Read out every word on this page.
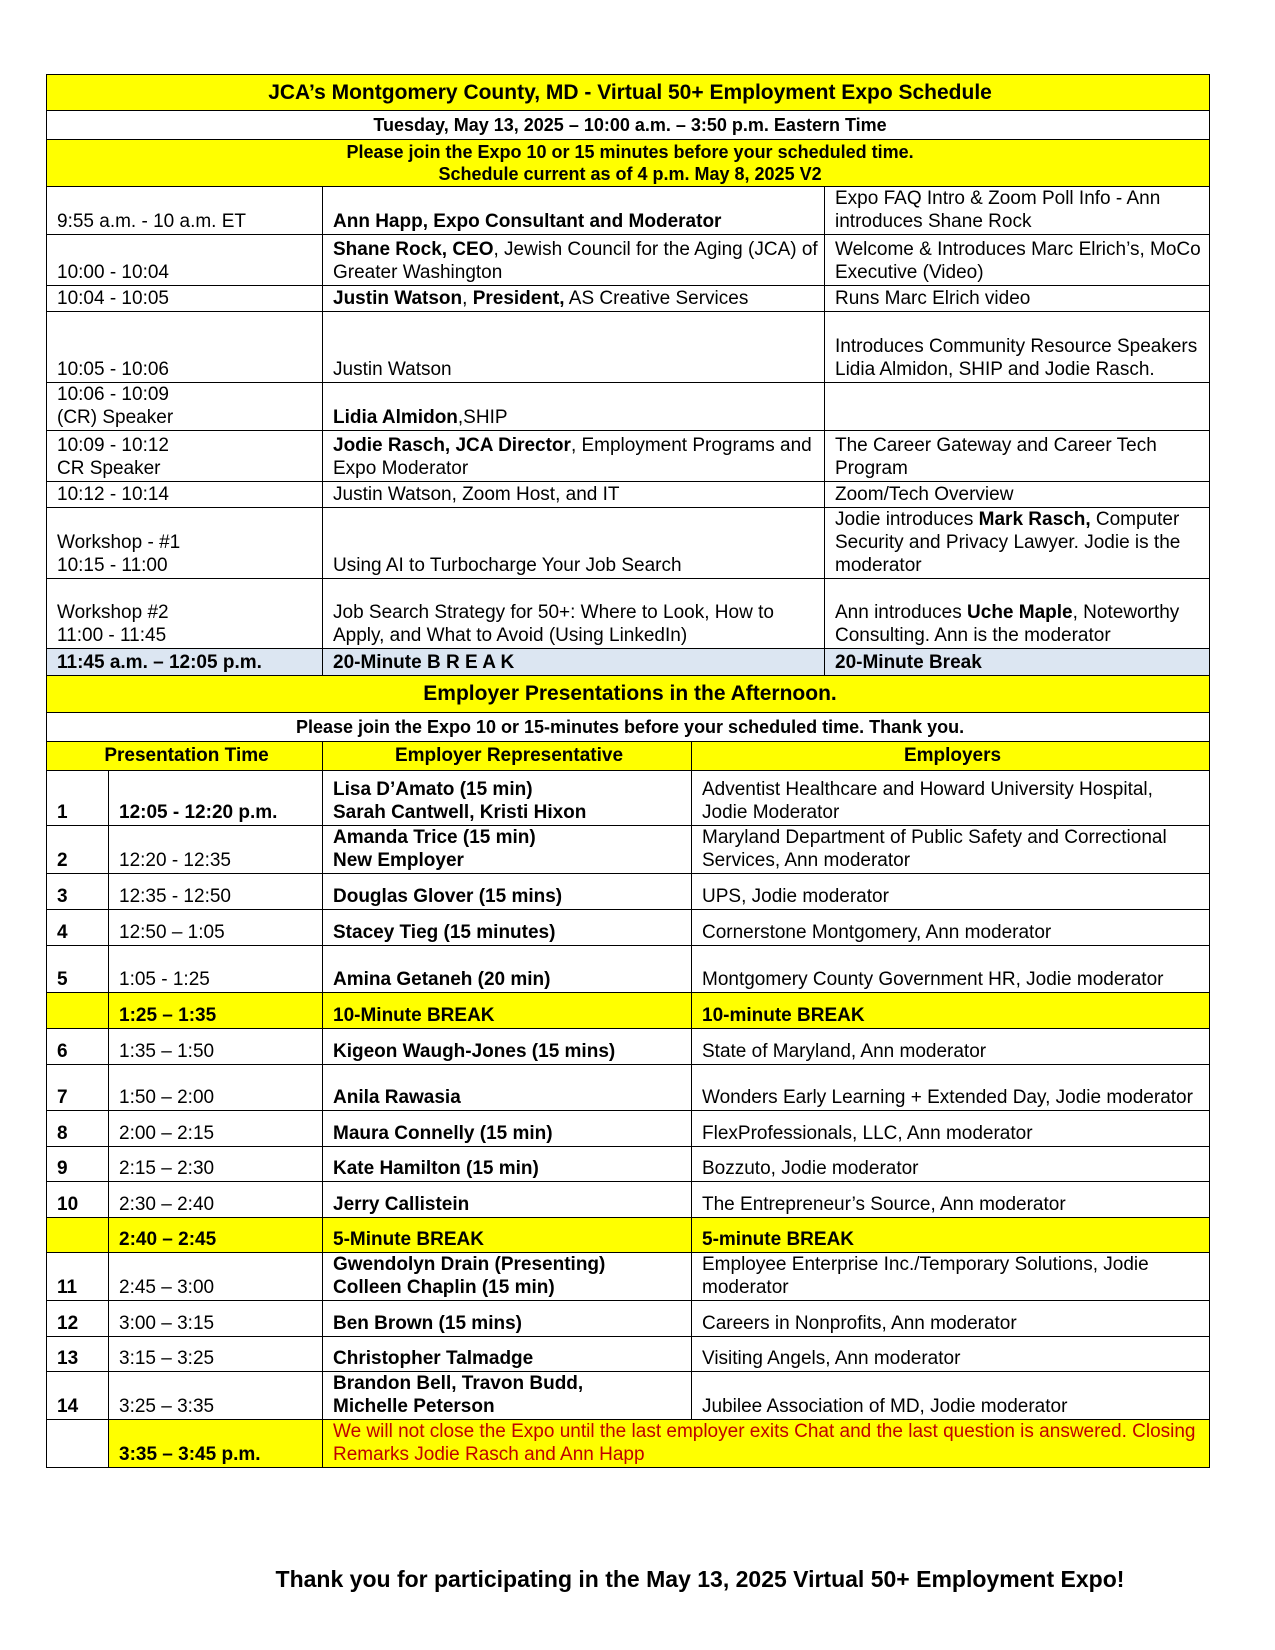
JCA’s Montgomery County, MD - Virtual 50+ Employment Expo Schedule				
Tuesday, May 13, 2025 – 10:00 a.m. – 3:50 p.m. Eastern Time				

Please join the Expo 10 or 15 minutes before your scheduled time.
Schedule current as of 4 p.m. May 8, 2025 V2				

9:55 a.m. - 10 a.m. ET		Ann Happ, Expo Consultant and Moderator		Expo FAQ Intro & Zoom Poll Info - Ann introduces Shane Rock
10:00 - 10:04		Shane Rock, CEO, Jewish Council for the Aging (JCA) of Greater Washington		Welcome & Introduces Marc Elrich’s, MoCo Executive (Video)
10:04 - 10:05		Justin Watson, President, AS Creative Services		Runs Marc Elrich video
10:05 - 10:06		Justin Watson		Introduces Community Resource Speakers Lidia Almidon, SHIP and Jodie Rasch.

10:06 - 10:09
(CR) Speaker		Lidia Almidon,SHIP		

10:09 - 10:12
CR Speaker		Jodie Rasch, JCA Director, Employment Programs and Expo Moderator		The Career Gateway and Career Tech Program
10:12 - 10:14		Justin Watson, Zoom Host, and IT		Zoom/Tech Overview

Workshop - #1
10:15 - 11:00		Using AI to Turbocharge Your Job Search		Jodie introduces Mark Rasch, Computer Security and Privacy Lawyer. Jodie is the moderator

Workshop #2
11:00 - 11:45		Job Search Strategy for 50+: Where to Look, How to Apply, and What to Avoid (Using LinkedIn)		Ann introduces Uche Maple, Noteworthy Consulting. Ann is the moderator
11:45 a.m. – 12:05 p.m.		20-Minute B R E A K		20-Minute Break
Employer Presentations in the Afternoon.				
Please join the Expo 10 or 15-minutes before your scheduled time. Thank you.				
Presentation Time		Employer Representative	Employers	
1	12:05 - 12:20 p.m.	Lisa D’Amato (15 min)
Sarah Cantwell, Kristi Hixon	Adventist Healthcare and Howard University Hospital, Jodie Moderator	
2	12:20 - 12:35	Amanda Trice (15 min)
New Employer	Maryland Department of Public Safety and Correctional Services, Ann moderator	
3	12:35 - 12:50	Douglas Glover (15 mins)	UPS, Jodie moderator	
4	12:50 – 1:05	Stacey Tieg (15 minutes)	Cornerstone Montgomery, Ann moderator	
5	1:05 - 1:25	Amina Getaneh (20 min)	Montgomery County Government HR, Jodie moderator	
	1:25 – 1:35	10-Minute BREAK	10-minute BREAK	
6	1:35 – 1:50	Kigeon Waugh-Jones (15 mins)	State of Maryland, Ann moderator	
7	1:50 – 2:00	Anila Rawasia	Wonders Early Learning + Extended Day, Jodie moderator	
8	2:00 – 2:15	Maura Connelly (15 min)	FlexProfessionals, LLC, Ann moderator	
9	2:15 – 2:30	Kate Hamilton (15 min)	Bozzuto, Jodie moderator	
10	2:30 – 2:40	Jerry Callistein	The Entrepreneur’s Source, Ann moderator	
	2:40 – 2:45	5-Minute BREAK	5-minute BREAK	
11	2:45 – 3:00	Gwendolyn Drain (Presenting)
Colleen Chaplin (15 min)	Employee Enterprise Inc./Temporary Solutions, Jodie moderator	
12	3:00 – 3:15	Ben Brown (15 mins)	Careers in Nonprofits, Ann moderator	
13	3:15 – 3:25	Christopher Talmadge	Visiting Angels, Ann moderator	
14	3:25 – 3:35	Brandon Bell, Travon Budd,
Michelle Peterson	Jubilee Association of MD, Jodie moderator	
	3:35 – 3:45 p.m.	We will not close the Expo until the last employer exits Chat and the last question is answered. Closing Remarks Jodie Rasch and Ann Happ		
Thank you for participating in the May 13, 2025 Virtual 50+ Employment Expo!
